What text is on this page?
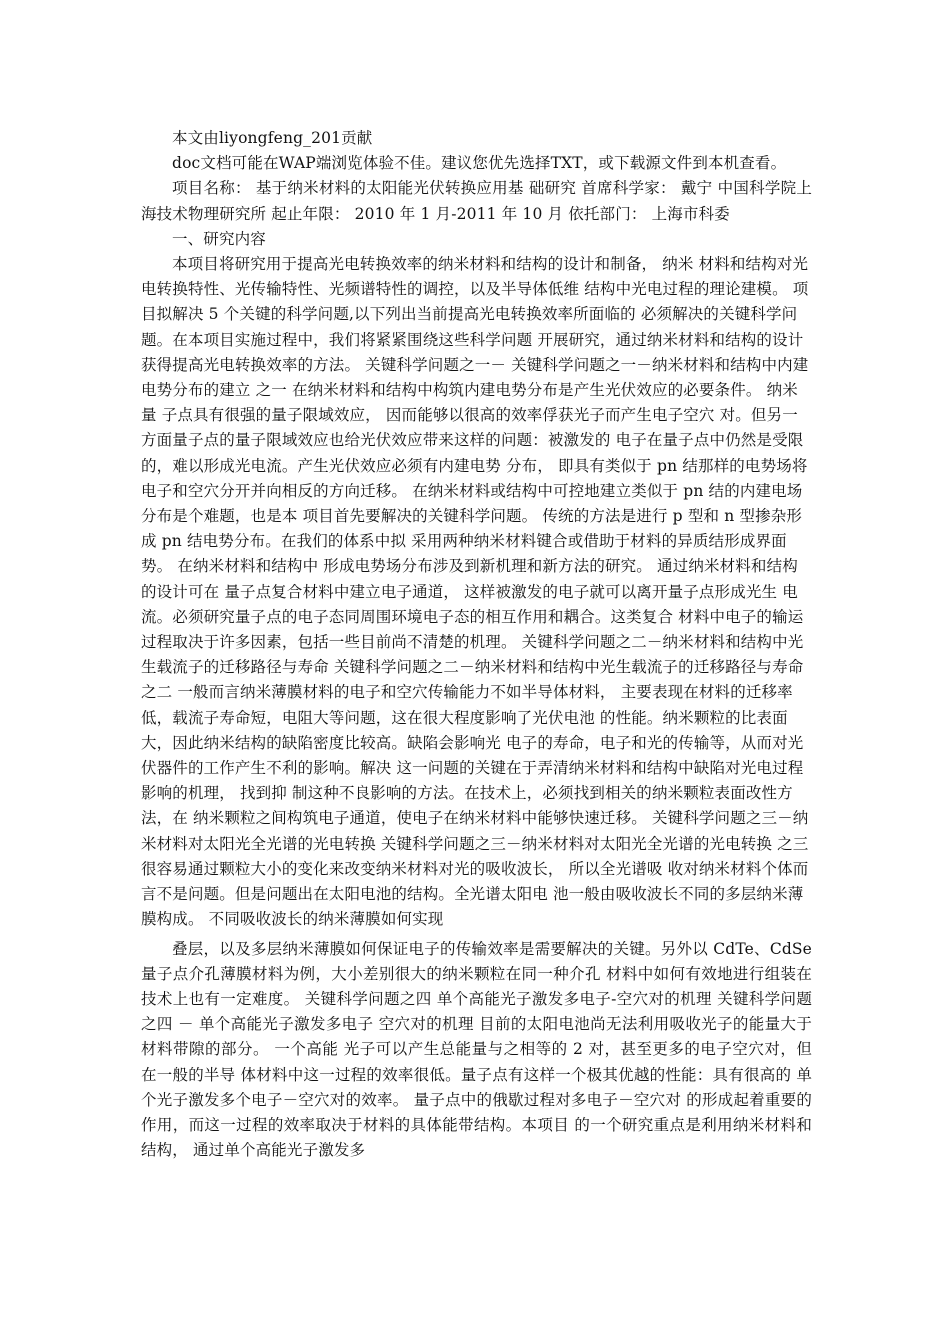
本文由liyongfeng_201贡献

doc文档可能在WAP端浏览体验不佳。建议您优先选择TXT，或下载源文件到本机查看。

项目名称： 基于纳米材料的太阳能光伏转换应用基 础研究 首席科学家： 戴宁 中国科学院上海技术物理研究所 起止年限： 2010 年 1 月-2011 年 10 月 依托部门： 上海市科委

一、研究内容

本项目将研究用于提高光电转换效率的纳米材料和结构的设计和制备， 纳米 材料和结构对光电转换特性、光传输特性、光频谱特性的调控，以及半导体低维 结构中光电过程的理论建模。 项目拟解决 5 个关键的科学问题,以下列出当前提高光电转换效率所面临的 必须解决的关键科学问题。在本项目实施过程中，我们将紧紧围绕这些科学问题 开展研究，通过纳米材料和结构的设计获得提高光电转换效率的方法。 关键科学问题之一－ 关键科学问题之一－纳米材料和结构中内建电势分布的建立 之一 在纳米材料和结构中构筑内建电势分布是产生光伏效应的必要条件。 纳米量 子点具有很强的量子限域效应， 因而能够以很高的效率俘获光子而产生电子空穴 对。但另一方面量子点的量子限域效应也给光伏效应带来这样的问题：被激发的 电子在量子点中仍然是受限的，难以形成光电流。产生光伏效应必须有内建电势 分布， 即具有类似于 pn 结那样的电势场将电子和空穴分开并向相反的方向迁移。 在纳米材料或结构中可控地建立类似于 pn 结的内建电场分布是个难题，也是本 项目首先要解决的关键科学问题。 传统的方法是进行 p 型和 n 型掺杂形成 pn 结电势分布。在我们的体系中拟 采用两种纳米材料键合或借助于材料的异质结形成界面势。 在纳米材料和结构中 形成电势场分布涉及到新机理和新方法的研究。 通过纳米材料和结构的设计可在 量子点复合材料中建立电子通道， 这样被激发的电子就可以离开量子点形成光生 电流。必须研究量子点的电子态同周围环境电子态的相互作用和耦合。这类复合 材料中电子的输运过程取决于许多因素，包括一些目前尚不清楚的机理。 关键科学问题之二－纳米材料和结构中光生载流子的迁移路径与寿命 关键科学问题之二－纳米材料和结构中光生载流子的迁移路径与寿命 之二 一般而言纳米薄膜材料的电子和空穴传输能力不如半导体材料， 主要表现在材料的迁移率低，载流子寿命短，电阻大等问题，这在很大程度影响了光伏电池 的性能。纳米颗粒的比表面大，因此纳米结构的缺陷密度比较高。缺陷会影响光 电子的寿命，电子和光的传输等，从而对光伏器件的工作产生不利的影响。解决 这一问题的关键在于弄清纳米材料和结构中缺陷对光电过程影响的机理， 找到抑 制这种不良影响的方法。在技术上，必须找到相关的纳米颗粒表面改性方法，在 纳米颗粒之间构筑电子通道，使电子在纳米材料中能够快速迁移。 关键科学问题之三－纳米材料对太阳光全光谱的光电转换 关键科学问题之三－纳米材料对太阳光全光谱的光电转换 之三 很容易通过颗粒大小的变化来改变纳米材料对光的吸收波长， 所以全光谱吸 收对纳米材料个体而言不是问题。但是问题出在太阳电池的结构。全光谱太阳电 池一般由吸收波长不同的多层纳米薄膜构成。 不同吸收波长的纳米薄膜如何实现

叠层，以及多层纳米薄膜如何保证电子的传输效率是需要解决的关键。另外以 CdTe、CdSe 量子点介孔薄膜材料为例，大小差别很大的纳米颗粒在同一种介孔 材料中如何有效地进行组装在技术上也有一定难度。 关键科学问题之四 单个高能光子激发多电子-空穴对的机理 关键科学问题之四 － 单个高能光子激发多电子 空穴对的机理 目前的太阳电池尚无法利用吸收光子的能量大于材料带隙的部分。 一个高能 光子可以产生总能量与之相等的 2 对，甚至更多的电子空穴对，但在一般的半导 体材料中这一过程的效率很低。量子点有这样一个极其优越的性能：具有很高的 单个光子激发多个电子－空穴对的效率。 量子点中的俄歇过程对多电子－空穴对 的形成起着重要的作用，而这一过程的效率取决于材料的具体能带结构。本项目 的一个研究重点是利用纳米材料和结构， 通过单个高能光子激发多
